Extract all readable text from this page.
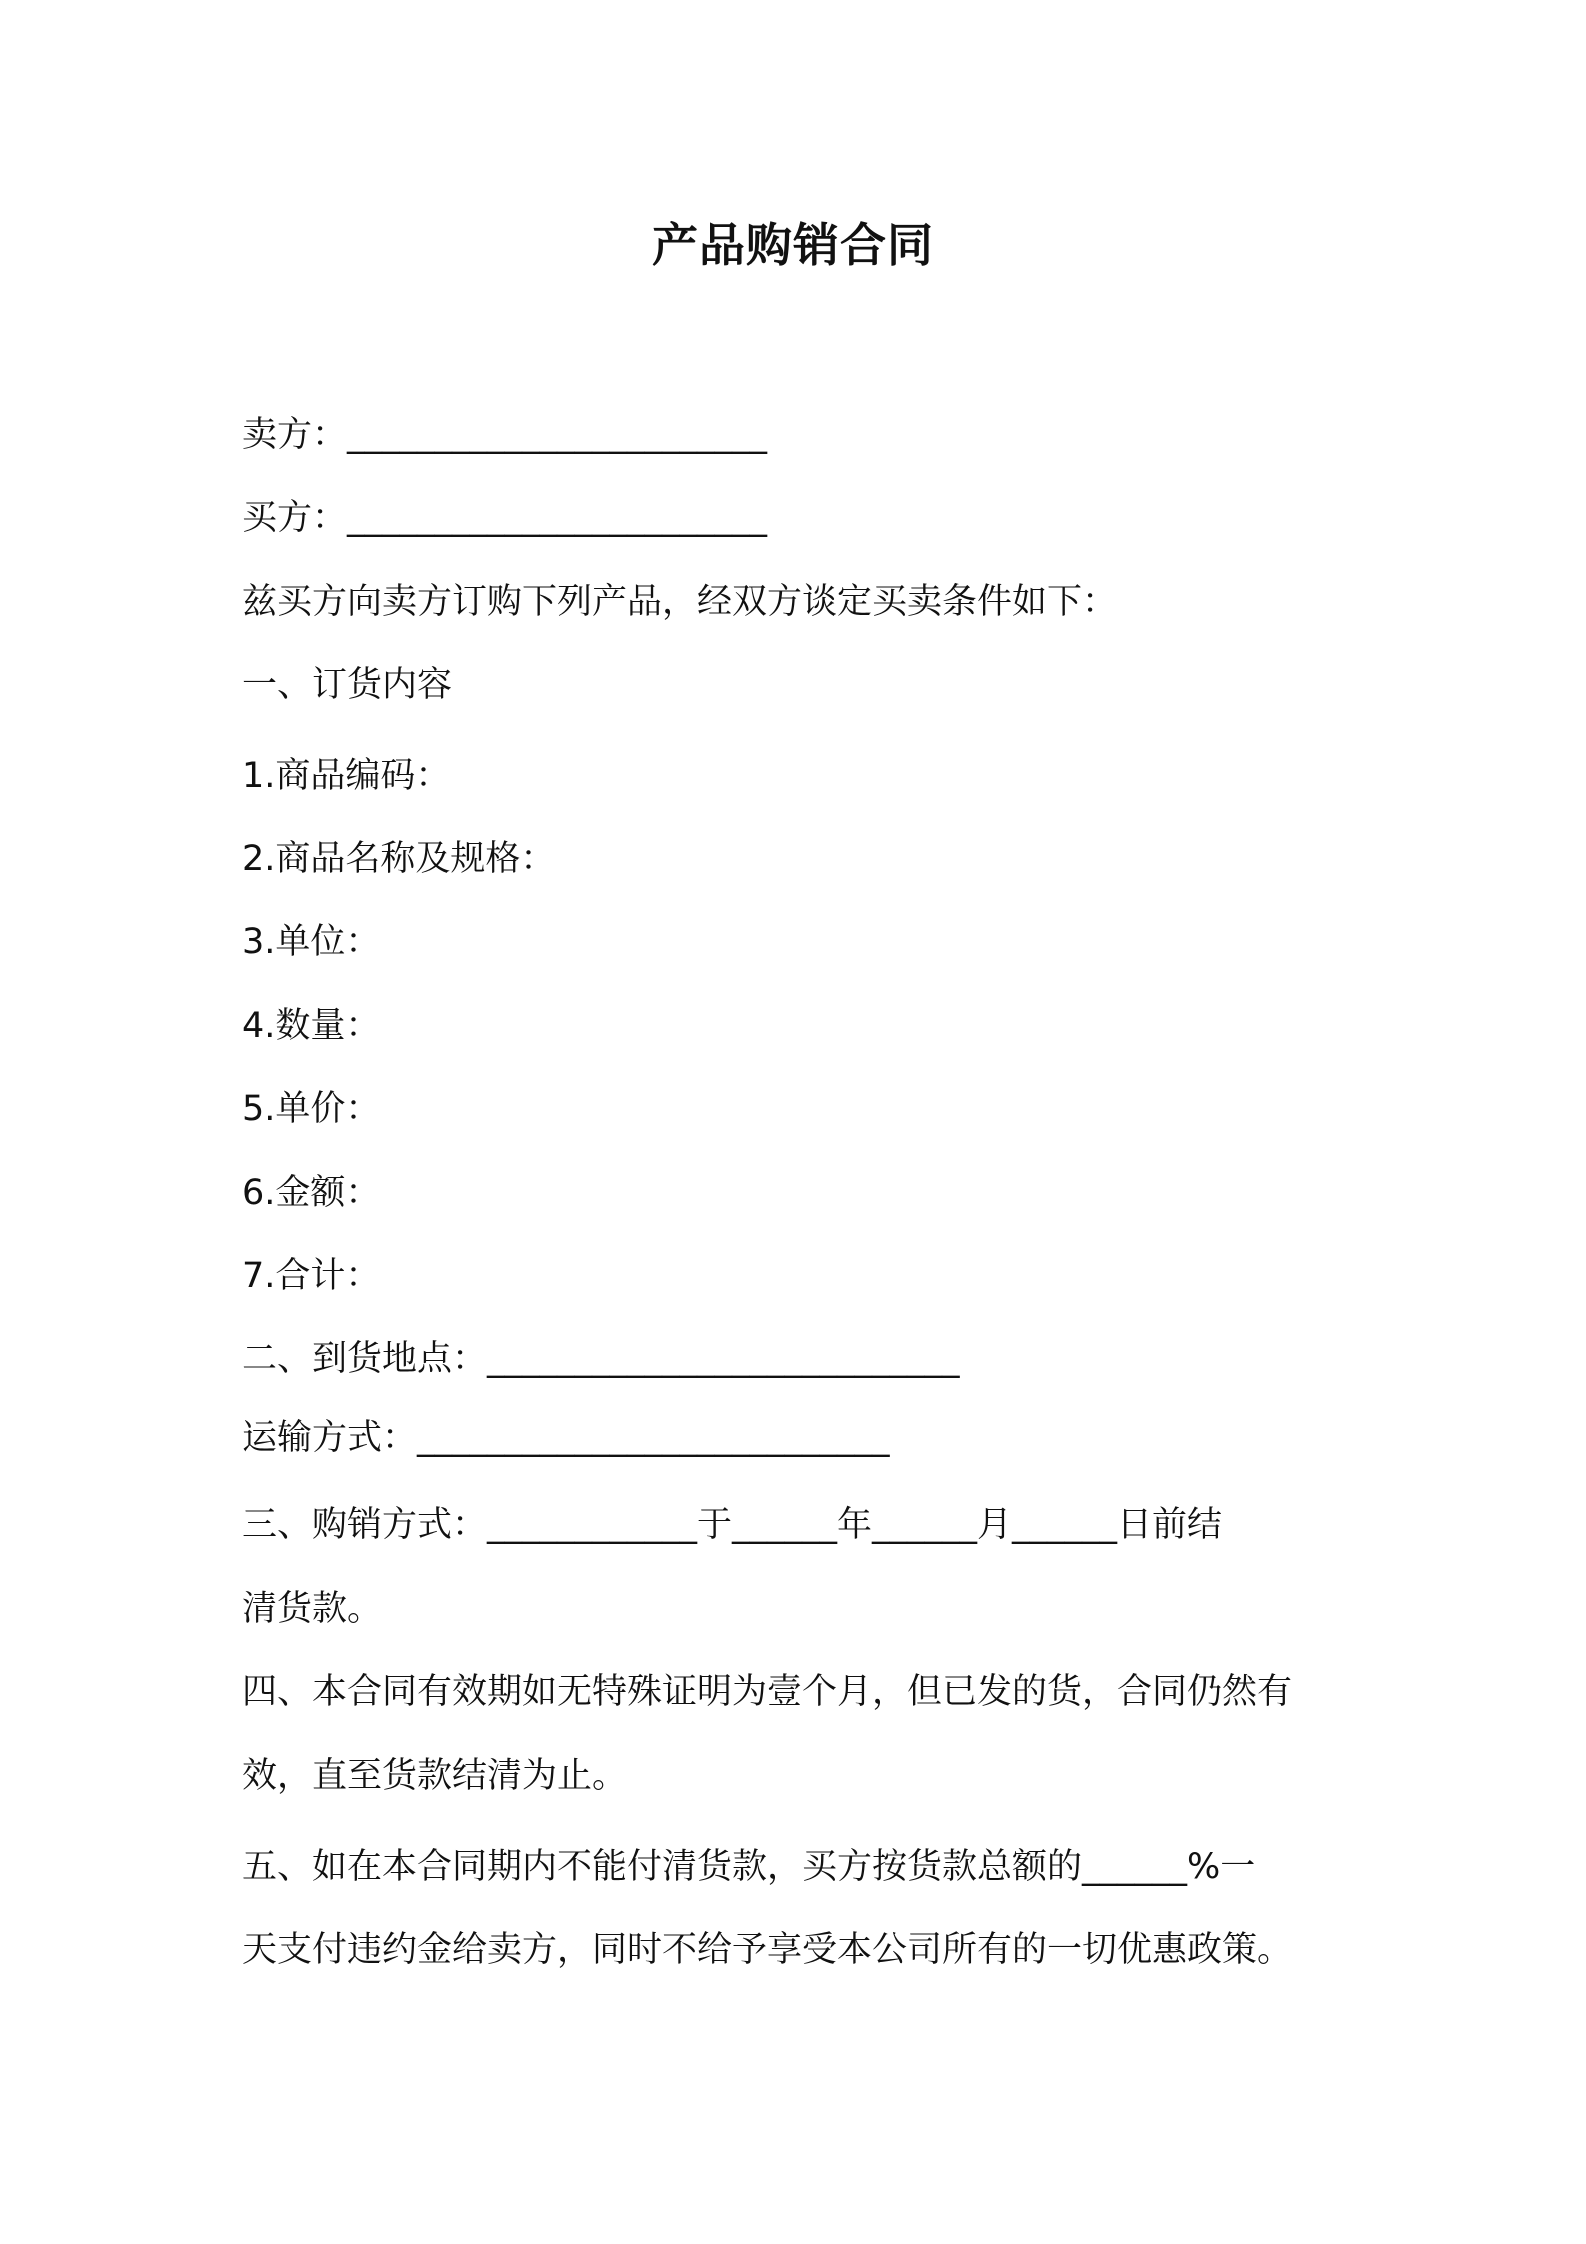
产品购销合同
卖方：________________________
买方：________________________
兹买方向卖方订购下列产品，经双方谈定买卖条件如下：
一、订货内容
1.商品编码：
2.商品名称及规格：
3.单位：
4.数量：
5.单价：
6.金额：
7.合计：
二、到货地点：___________________________
运输方式：___________________________
三、购销方式：____________于______年______月______日前结
清货款。
四、本合同有效期如无特殊证明为壹个月，但已发的货，合同仍然有
效，直至货款结清为止。
五、如在本合同期内不能付清货款，买方按货款总额的______%一
天支付违约金给卖方，同时不给予享受本公司所有的一切优惠政策。
